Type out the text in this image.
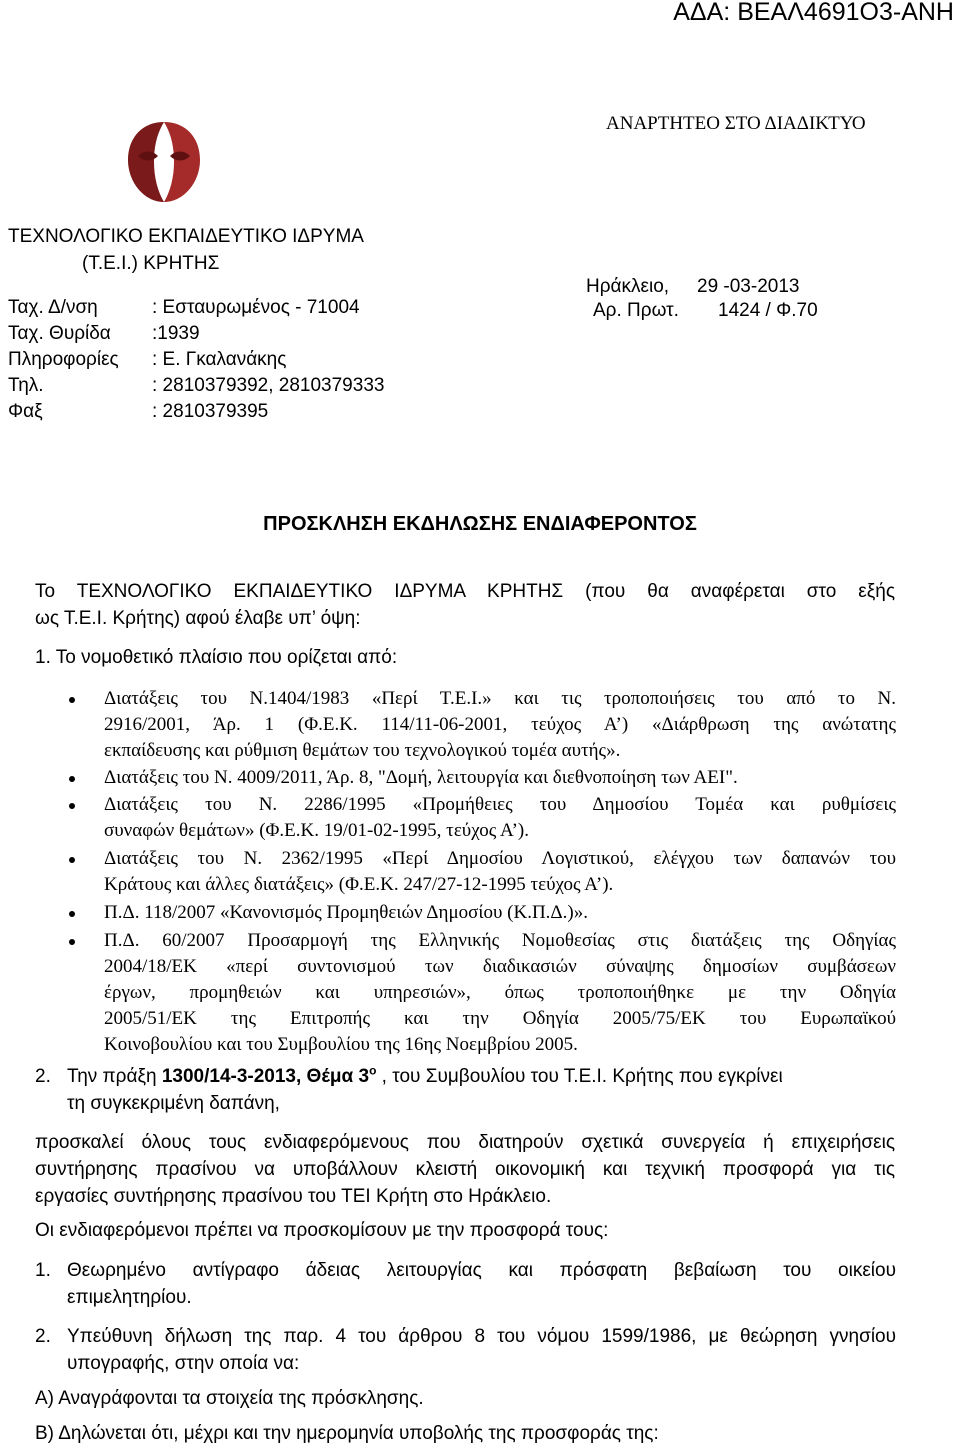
ΑΔΑ: ΒΕΑΛ4691Ο3-ΑΝΗ
ΑΝΑΡΤΗΤΕΟ ΣΤΟ ΔΙΑΔΙΚΤΥΟ
ΤΕΧΝΟΛΟΓΙΚΟ ΕΚΠΑΙΔΕΥΤΙΚΟ ΙΔΡΥΜΑ
(Τ.Ε.Ι.) ΚΡΗΤΗΣ
Ταχ. Δ/νση	: Εσταυρωμένος - 71004
Ταχ. Θυρίδα :1939
Πληροφορίες : Ε. Γκαλανάκης
Τηλ.	: 2810379392, 2810379333
Φαξ	: 2810379395
Ηράκλειο, 29 -03-2013
Αρ. Πρωτ. 1424 / Φ.70
ΠΡΟΣΚΛΗΣΗ ΕΚΔΗΛΩΣΗΣ ΕΝΔΙΑΦΕΡΟΝΤΟΣ
Το ΤΕΧΝΟΛΟΓΙΚΟ ΕΚΠΑΙΔΕΥΤΙΚΟ ΙΔΡΥΜΑ ΚΡΗΤΗΣ (που θα αναφέρεται στο εξής
ως Τ.Ε.Ι. Κρήτης) αφού έλαβε υπ’ όψη:
1. Το νομοθετικό πλαίσιο που ορίζεται από:
Διατάξεις του Ν.1404/1983 «Περί Τ.Ε.Ι.» και τις τροποποιήσεις του από το Ν.
2916/2001, Άρ. 1 (Φ.Ε.Κ. 114/11-06-2001, τεύχος Α’) «Διάρθρωση της ανώτατης
εκπαίδευσης και ρύθμιση θεμάτων του τεχνολογικού τομέα αυτής».
Διατάξεις του Ν. 4009/2011, Άρ. 8, "Δομή, λειτουργία και διεθνοποίηση των ΑΕΙ".
Διατάξεις του Ν. 2286/1995 «Προμήθειες του Δημοσίου Τομέα και ρυθμίσεις
συναφών θεμάτων» (Φ.Ε.Κ. 19/01-02-1995, τεύχος Α’).
Διατάξεις του Ν. 2362/1995 «Περί Δημοσίου Λογιστικού, ελέγχου των δαπανών του
Κράτους και άλλες διατάξεις» (Φ.Ε.Κ. 247/27-12-1995 τεύχος Α’).
Π.Δ. 118/2007 «Κανονισμός Προμηθειών Δημοσίου (Κ.Π.Δ.)».
Π.Δ. 60/2007 Προσαρμογή της Ελληνικής Νομοθεσίας στις διατάξεις της Οδηγίας
2004/18/ΕΚ «περί συντονισμού των διαδικασιών σύναψης δημοσίων συμβάσεων
έργων, προμηθειών και υπηρεσιών», όπως τροποποιήθηκε με την Οδηγία
2005/51/ΕΚ της Επιτροπής και την Οδηγία 2005/75/ΕΚ του Ευρωπαϊκού
Κοινοβουλίου και του Συμβουλίου της 16ης Νοεμβρίου 2005.
2. Την πράξη 1300/14-3-2013, Θέμα $3^o$ , του Συμβουλίου του Τ.Ε.Ι. Κρήτης που εγκρίνει
τη συγκεκριμένη δαπάνη,
προσκαλεί όλους τους ενδιαφερόμενους που διατηρούν σχετικά συνεργεία ή επιχειρήσεις
συντήρησης πρασίνου να υποβάλλουν κλειστή οικονομική και τεχνική προσφορά για τις
εργασίες συντήρησης πρασίνου του ΤΕΙ Κρήτη στο Ηράκλειο.
Οι ενδιαφερόμενοι πρέπει να προσκομίσουν με την προσφορά τους:
1. Θεωρημένο αντίγραφο άδειας λειτουργίας και πρόσφατη βεβαίωση του οικείου
επιμελητηρίου.
2. Υπεύθυνη δήλωση της παρ. 4 του άρθρου 8 του νόμου 1599/1986, με θεώρηση γνησίου
υπογραφής, στην οποία να:
Α) Αναγράφονται τα στοιχεία της πρόσκλησης.
Β) Δηλώνεται ότι, μέχρι και την ημερομηνία υποβολής της προσφοράς της:
